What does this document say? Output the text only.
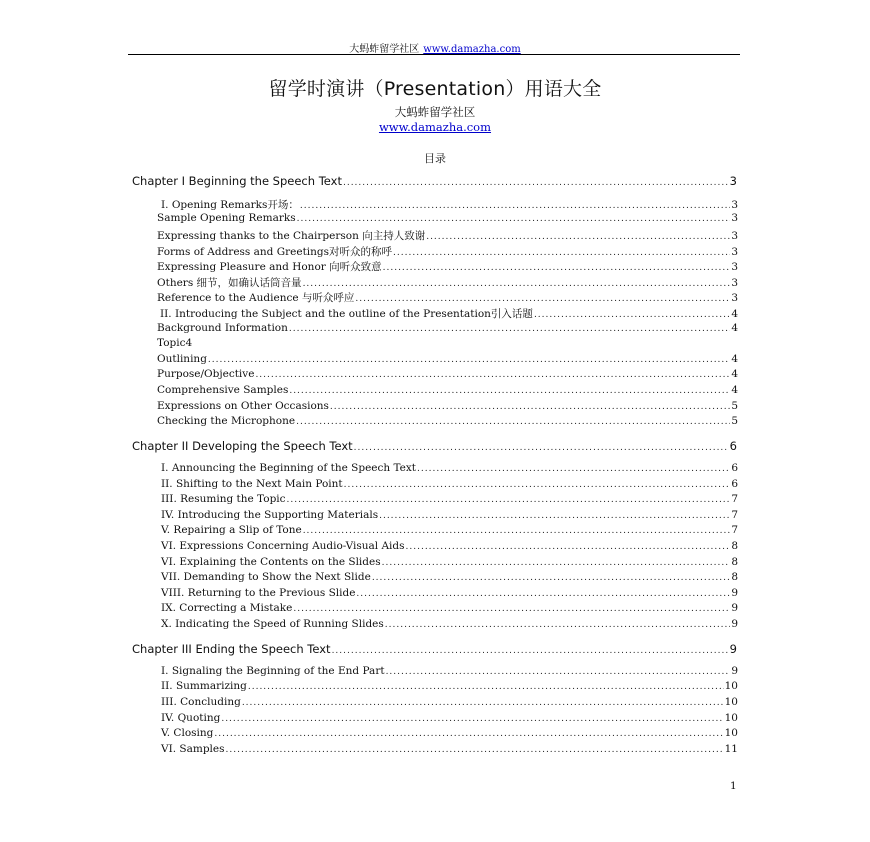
大蚂蚱留学社区 www.damazha.com
留学时演讲（Presentation）用语大全
大蚂蚱留学社区
www.damazha.com
目录
Chapter I Beginning the Speech Text .....	3
I. Opening Remarks开场： .....	3
Sample Opening Remarks .....	3
Expressing thanks to the Chairperson 向主持人致谢 .....	3
Forms of Address and Greetings对听众的称呼 .....	3
Expressing Pleasure and Honor 向听众致意 .....	3
Others 细节，如确认话筒音量 .....	3
Reference to the Audience 与听众呼应 .....	3
II. Introducing the Subject and the outline of the Presentation引入话题 .....	4
Background Information .....	4
Topic4
Outlining .....	4
Purpose/Objective .....	4
Comprehensive Samples .....	4
Expressions on Other Occasions .....	5
Checking the Microphone .....	5
Chapter II Developing the Speech Text .....	6
I. Announcing the Beginning of the Speech Text .....	6
II. Shifting to the Next Main Point .....	6
III. Resuming the Topic .....	7
IV. Introducing the Supporting Materials .....	7
V. Repairing a Slip of Tone .....	7
VI. Expressions Concerning Audio-Visual Aids .....	8
VI. Explaining the Contents on the Slides .....	8
VII. Demanding to Show the Next Slide .....	8
VIII. Returning to the Previous Slide .....	9
IX. Correcting a Mistake .....	9
X. Indicating the Speed of Running Slides .....	9
Chapter III Ending the Speech Text .....	9
I. Signaling the Beginning of the End Part .....	9
II. Summarizing .....	10
III. Concluding .....	10
IV. Quoting .....	10
V. Closing .....	10
VI. Samples .....	11
1
